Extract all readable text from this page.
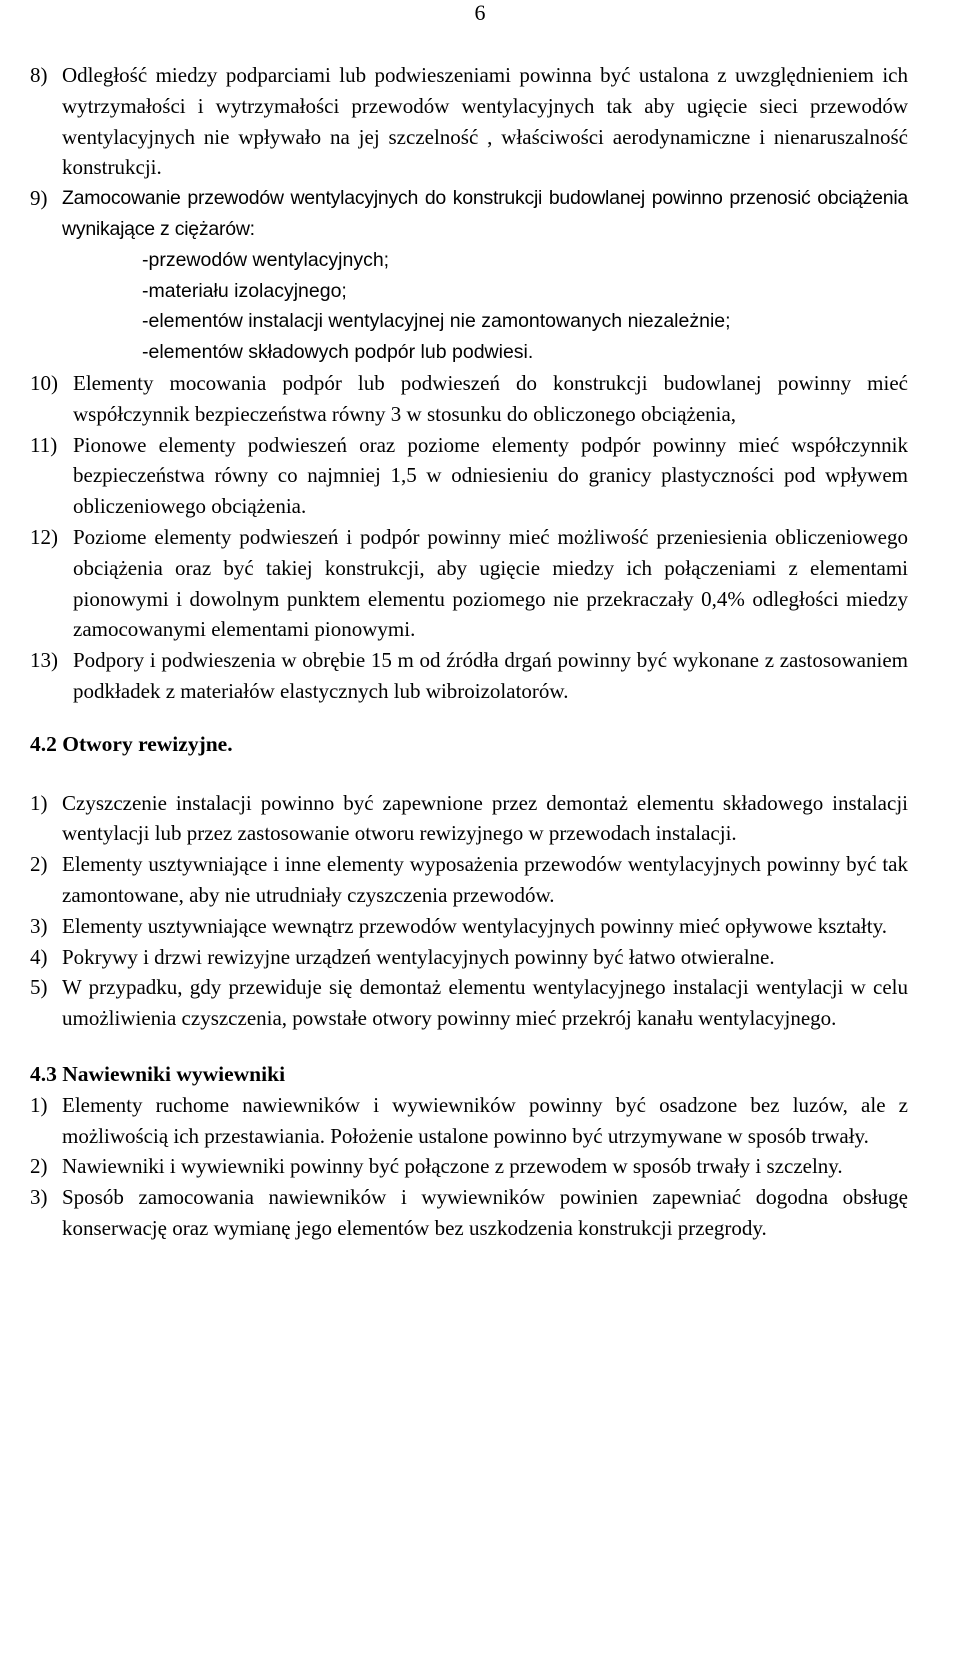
6
8) Odległość miedzy podparciami lub podwieszeniami powinna być ustalona z uwzględnieniem ich wytrzymałości i wytrzymałości przewodów wentylacyjnych tak aby ugięcie sieci przewodów wentylacyjnych nie wpływało na jej szczelność , właściwości aerodynamiczne i nienaruszalność konstrukcji.
9) Zamocowanie przewodów wentylacyjnych do konstrukcji budowlanej powinno przenosić obciążenia wynikające z ciężarów:
-przewodów wentylacyjnych;
-materiału izolacyjnego;
-elementów instalacji wentylacyjnej nie zamontowanych niezależnie;
-elementów składowych podpór lub podwiesi.
10) Elementy mocowania podpór lub podwieszeń do konstrukcji budowlanej powinny mieć współczynnik bezpieczeństwa równy 3 w stosunku do obliczonego obciążenia,
11) Pionowe elementy podwieszeń oraz poziome elementy podpór powinny mieć współczynnik bezpieczeństwa równy co najmniej 1,5 w odniesieniu do granicy plastyczności pod wpływem obliczeniowego obciążenia.
12) Poziome elementy podwieszeń i podpór powinny mieć możliwość przeniesienia obliczeniowego obciążenia oraz być takiej konstrukcji, aby ugięcie miedzy ich połączeniami z elementami pionowymi i dowolnym punktem elementu poziomego nie przekraczały 0,4% odległości miedzy zamocowanymi elementami pionowymi.
13) Podpory i podwieszenia w obrębie 15 m od źródła drgań powinny być wykonane z zastosowaniem podkładek z materiałów elastycznych lub wibroizolatorów.
4.2 Otwory rewizyjne.
1) Czyszczenie instalacji powinno być zapewnione przez demontaż elementu składowego instalacji wentylacji lub przez zastosowanie otworu rewizyjnego w przewodach instalacji.
2) Elementy usztywniające i inne elementy wyposażenia przewodów wentylacyjnych powinny być tak zamontowane, aby nie utrudniały czyszczenia przewodów.
3) Elementy usztywniające wewnątrz przewodów wentylacyjnych powinny mieć opływowe kształty.
4) Pokrywy i drzwi rewizyjne urządzeń wentylacyjnych powinny być łatwo otwieralne.
5) W przypadku, gdy przewiduje się demontaż elementu wentylacyjnego instalacji wentylacji w celu umożliwienia czyszczenia, powstałe otwory powinny mieć przekrój kanału wentylacyjnego.
4.3 Nawiewniki wywiewniki
1) Elementy ruchome nawiewników i wywiewników powinny być osadzone bez luzów, ale z możliwością ich przestawiania. Położenie ustalone powinno być utrzymywane w sposób trwały.
2) Nawiewniki i wywiewniki powinny być połączone z przewodem w sposób trwały i szczelny.
3) Sposób zamocowania nawiewników i wywiewników powinien zapewniać dogodna obsługę konserwację oraz wymianę jego elementów bez uszkodzenia konstrukcji przegrody.
